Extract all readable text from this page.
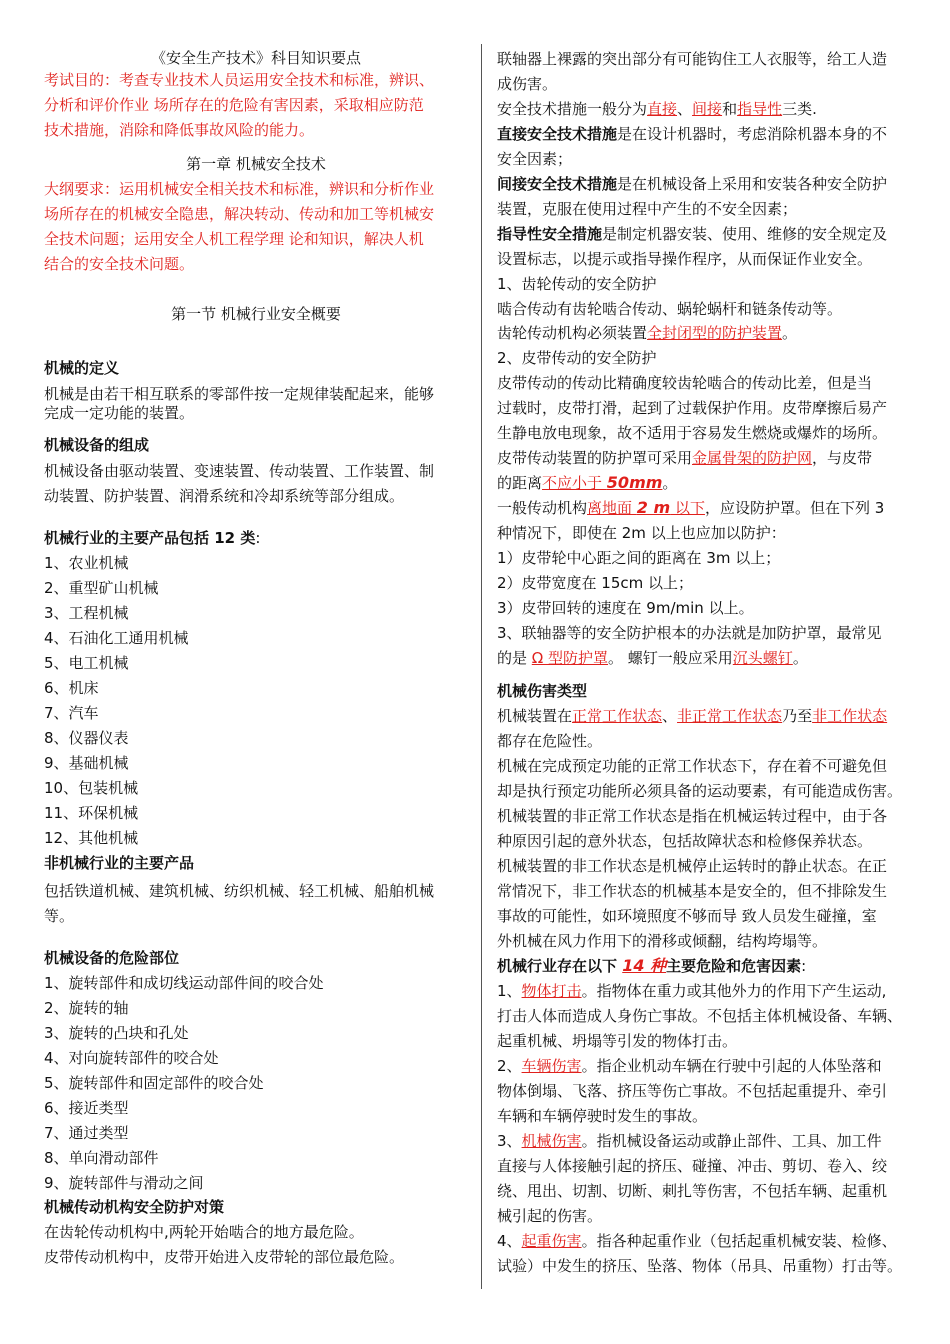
《安全生产技术》科目知识要点
考试目的：考查专业技术人员运用安全技术和标准，辨识、
分析和评价作业 场所存在的危险有害因素，采取相应防范
技术措施，消除和降低事故风险的能力。
第一章 机械安全技术
大纲要求：运用机械安全相关技术和标准，辨识和分析作业
场所存在的机械安全隐患，解决转动、传动和加工等机械安
全技术问题；运用安全人机工程学理 论和知识，解决人机
结合的安全技术问题。
第一节 机械行业安全概要
机械的定义
机械是由若干相互联系的零部件按一定规律装配起来，能够
完成一定功能的装置。
机械设备的组成
机械设备由驱动装置、变速装置、传动装置、工作装置、制
动装置、防护装置、润滑系统和冷却系统等部分组成。
机械行业的主要产品包括 12 类:
1、农业机械
2、重型矿山机械
3、工程机械
4、石油化工通用机械
5、电工机械
6、机床
7、汽车
8、仪器仪表
9、基础机械
10、包装机械
11、环保机械
12、其他机械
非机械行业的主要产品
包括铁道机械、建筑机械、纺织机械、轻工机械、船舶机械
等。
机械设备的危险部位
1、旋转部件和成切线运动部件间的咬合处
2、旋转的轴
3、旋转的凸块和孔处
4、对向旋转部件的咬合处
5、旋转部件和固定部件的咬合处
6、接近类型
7、通过类型
8、单向滑动部件
9、旋转部件与滑动之间
机械传动机构安全防护对策
在齿轮传动机构中,两轮开始啮合的地方最危险。
皮带传动机构中，皮带开始进入皮带轮的部位最危险。
联轴器上裸露的突出部分有可能钩住工人衣服等，给工人造
成伤害。
安全技术措施一般分为直接、间接和指导性三类.
直接安全技术措施是在设计机器时，考虑消除机器本身的不
安全因素；
间接安全技术措施是在机械设备上采用和安装各种安全防护
装置，克服在使用过程中产生的不安全因素；
指导性安全措施是制定机器安装、使用、维修的安全规定及
设置标志，以提示或指导操作程序，从而保证作业安全。
1、齿轮传动的安全防护
啮合传动有齿轮啮合传动、蜗轮蜗杆和链条传动等。
齿轮传动机构必须装置全封闭型的防护装置。
2、皮带传动的安全防护
皮带传动的传动比精确度较齿轮啮合的传动比差，但是当
过载时，皮带打滑，起到了过载保护作用。皮带摩擦后易产
生静电放电现象，故不适用于容易发生燃烧或爆炸的场所。
皮带传动装置的防护罩可采用金属骨架的防护网，与皮带
的距离不应小于 50mm。
一般传动机构离地面 2 m 以下，应设防护罩。但在下列 3
种情况下，即使在 2m 以上也应加以防护：
1）皮带轮中心距之间的距离在 3m 以上；
2）皮带宽度在 15cm 以上；
3）皮带回转的速度在 9m/min 以上。
3、联轴器等的安全防护根本的办法就是加防护罩，最常见
的是 Ω 型防护罩。 螺钉一般应采用沉头螺钉。
机械伤害类型
机械装置在正常工作状态、非正常工作状态乃至非工作状态
都存在危险性。
机械在完成预定功能的正常工作状态下，存在着不可避免但
却是执行预定功能所必须具备的运动要素，有可能造成伤害。
机械装置的非正常工作状态是指在机械运转过程中，由于各
种原因引起的意外状态，包括故障状态和检修保养状态。
机械装置的非工作状态是机械停止运转时的静止状态。在正
常情况下，非工作状态的机械基本是安全的，但不排除发生
事故的可能性，如环境照度不够而导 致人员发生碰撞，室
外机械在风力作用下的滑移或倾翻，结构垮塌等。
机械行业存在以下 14 种主要危险和危害因素:
1、物体打击。指物体在重力或其他外力的作用下产生运动,
打击人体而造成人身伤亡事故。不包括主体机械设备、车辆、
起重机械、坍塌等引发的物体打击。
2、车辆伤害。指企业机动车辆在行驶中引起的人体坠落和
物体倒塌、飞落、挤压等伤亡事故。不包括起重提升、牵引
车辆和车辆停驶时发生的事故。
3、机械伤害。指机械设备运动或静止部件、工具、加工件
直接与人体接触引起的挤压、碰撞、冲击、剪切、卷入、绞
绕、甩出、切割、切断、刺扎等伤害，不包括车辆、起重机
械引起的伤害。
4、起重伤害。指各种起重作业（包括起重机械安装、检修、
试验）中发生的挤压、坠落、物体（吊具、吊重物）打击等。
